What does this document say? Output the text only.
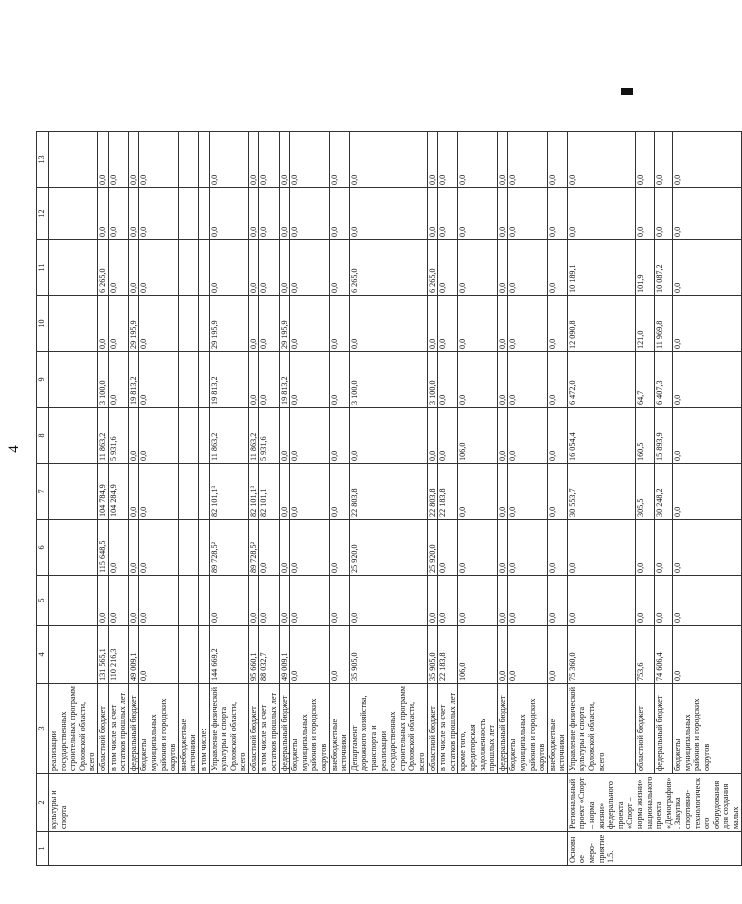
4
1	2	3	4	5	6	7	8	9	10	11	12	13
	культуры и спорта	реализации государственных строительных программ Орловской области, всего										
		областной бюджет	131 565,1	0,0	115 648,5	104 784,9	11 863,2	3 100,0	0,0	6 265,0	0,0	0,0
		в том числе за счет остатков прошлых лет	110 216,3	0,0	0,0	104 284,9	5 931,6	0,0	0,0	0,0	0,0	0,0
		федеральный бюджет	49 009,1	0,0	0,0	0,0	0,0	19 813,2	29 195,9	0,0	0,0	0,0
		бюджеты муниципальных районов и городских округов	0,0	0,0	0,0	0,0	0,0	0,0	0,0	0,0	0,0	0,0
		внебюджетные источники										
		в том числе:										
		Управление физической культуры и спорта Орловской области, всего	144 669,2	0,0	89 728,5²	82 101,1³	11 863,2	19 813,2	29 195,9	0,0	0,0	0,0
		областной бюджет	95 660,1	0,0	89 728,5²	82 101,1³	11 863,2	0,0	0,0	0,0	0,0	0,0
		в том числе за счет остатков прошлых лет	88 032,7	0,0	0,0	82 101,1	5 931,6	0,0	0,0	0,0	0,0	0,0
		федеральный бюджет	49 009,1	0,0	0,0	0,0	0,0	19 813,2	29 195,9	0,0	0,0	0,0
		бюджеты муниципальных районов и городских округов	0,0	0,0	0,0	0,0	0,0	0,0	0,0	0,0	0,0	0,0
		внебюджетные источники	0,0	0,0	0,0	0,0	0,0	0,0	0,0	0,0	0,0	0,0
		Департамент дорожного хозяйства, транспорта и реализации государственных строительных программ Орловской области, всего	35 905,0	0,0	25 920,0	22 803,8	0,0	3 100,0	0,0	6 265,0	0,0	0,0
		областной бюджет	35 905,0	0,0	25 920,0	22 803,8	0,0	3 100,0	0,0	6 265,0	0,0	0,0
		в том числе за счет остатков прошлых лет	22 183,8	0,0	0,0	22 183,8	0,0	0,0	0,0	0,0	0,0	0,0
		кроме того, кредиторская задолженность прошлых лет	106,0	0,0	0,0	0,0	106,0	0,0	0,0	0,0	0,0	0,0
		федеральный бюджет	0,0	0,0	0,0	0,0	0,0	0,0	0,0	0,0	0,0	0,0
		бюджеты муниципальных районов и городских округов	0,0	0,0	0,0	0,0	0,0	0,0	0,0	0,0	0,0	0,0
		внебюджетные источники	0,0	0,0	0,0	0,0	0,0	0,0	0,0	0,0	0,0	0,0
Основное меро-приятие 1.5.	Региональный проект «Спорт – норма жизни» федерального проекта «Спорт – норма жизни» национального проекта «Демография». Закупка спортивно-технологического оборудования для создания малых	Управление физической культуры и спорта Орловской области, всего	75 360,0	0,0	0,0	30 553,7	16 054,4	6 472,0	12 090,8	10 189,1	0,0	0,0
		областной бюджет	753,6	0,0	0,0	305,5	160,5	64,7	121,0	101,9	0,0	0,0
		федеральный бюджет	74 606,4	0,0	0,0	30 248,2	15 893,9	6 407,3	11 969,8	10 087,2	0,0	0,0
		бюджеты муниципальных районов и городских округов	0,0	0,0	0,0	0,0	0,0	0,0	0,0	0,0	0,0	0,0
